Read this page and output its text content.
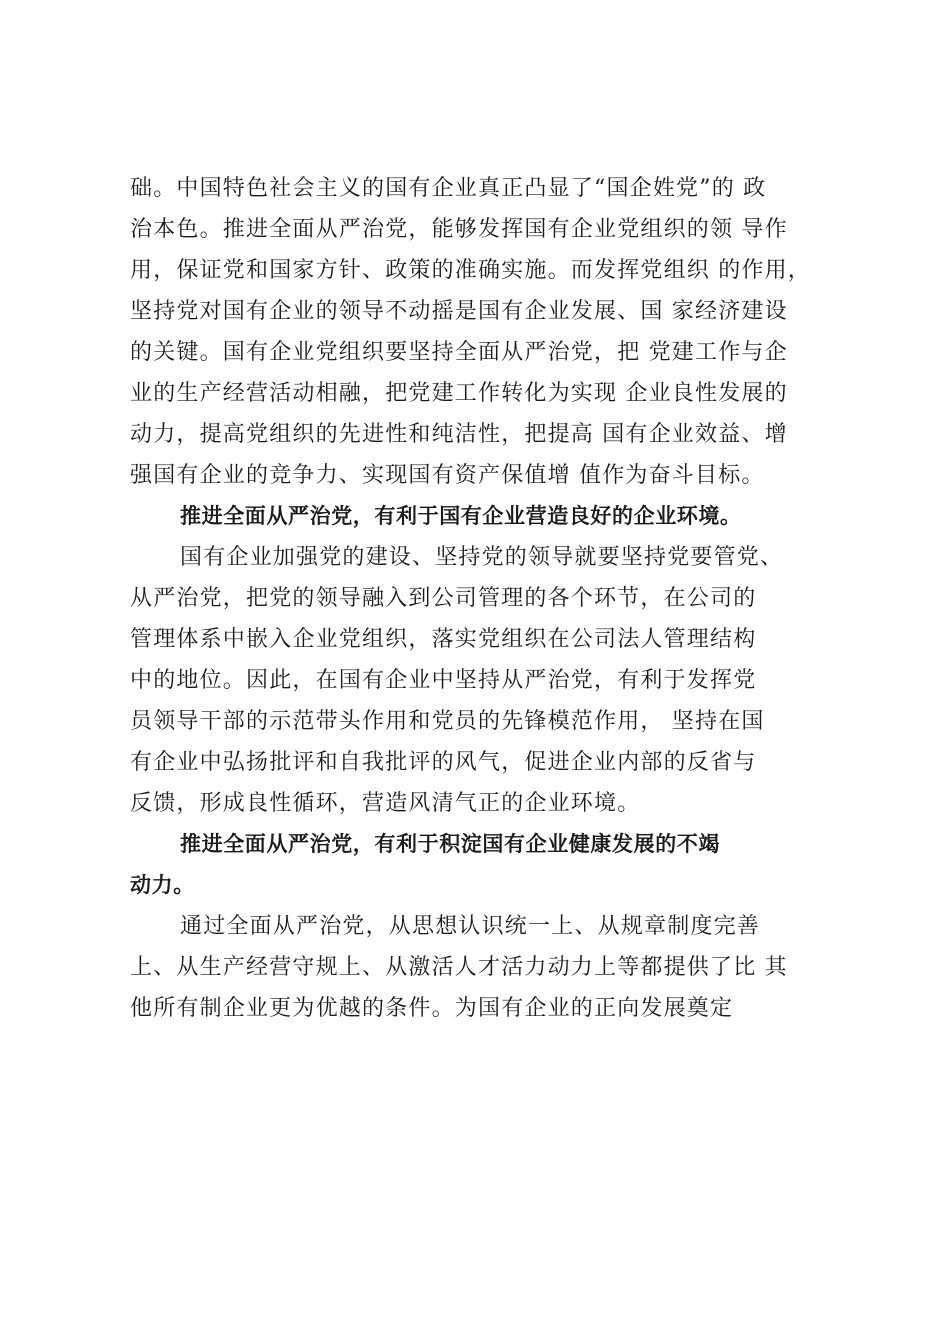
础。中国特色社会主义的国有企业真正凸显了“国企姓党”的 政
治本色。推进全面从严治党，能够发挥国有企业党组织的领 导作
用，保证党和国家方针、政策的准确实施。而发挥党组织 的作用，
坚持党对国有企业的领导不动摇是国有企业发展、国 家经济建设
的关键。国有企业党组织要坚持全面从严治党，把 党建工作与企
业的生产经营活动相融，把党建工作转化为实现 企业良性发展的
动力，提高党组织的先进性和纯洁性，把提高 国有企业效益、增
强国有企业的竞争力、实现国有资产保值增 值作为奋斗目标。
推进全面从严治党，有利于国有企业营造良好的企业环境。
国有企业加强党的建设、坚持党的领导就要坚持党要管党、
从严治党，把党的领导融入到公司管理的各个环节，在公司的
管理体系中嵌入企业党组织，落实党组织在公司法人管理结构
中的地位。因此，在国有企业中坚持从严治党，有利于发挥党
员领导干部的示范带头作用和党员的先锋模范作用， 坚持在国
有企业中弘扬批评和自我批评的风气，促进企业内部的反省与
反馈，形成良性循环，营造风清气正的企业环境。
推进全面从严治党，有利于积淀国有企业健康发展的不竭
动力。
通过全面从严治党，从思想认识统一上、从规章制度完善
上、从生产经营守规上、从激活人才活力动力上等都提供了比 其
他所有制企业更为优越的条件。为国有企业的正向发展奠定
